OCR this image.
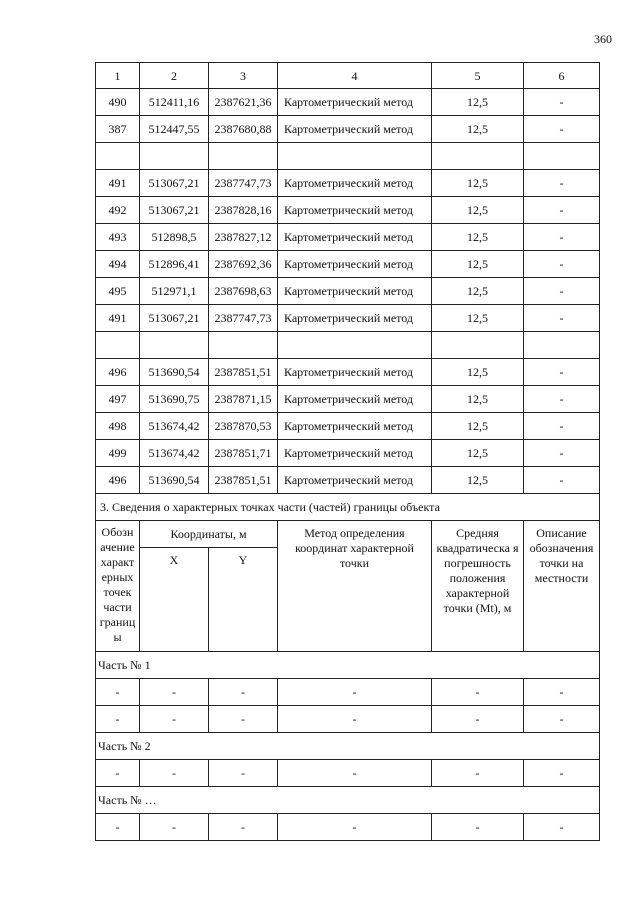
360
1	2	3	4	5	6
490	512411,16	2387621,36	Картометрический метод	12,5	-
387	512447,55	2387680,88	Картометрический метод	12,5	-

491	513067,21	2387747,73	Картометрический метод	12,5	-
492	513067,21	2387828,16	Картометрический метод	12,5	-
493	512898,5	2387827,12	Картометрический метод	12,5	-
494	512896,41	2387692,36	Картометрический метод	12,5	-
495	512971,1	2387698,63	Картометрический метод	12,5	-
491	513067,21	2387747,73	Картометрический метод	12,5	-

496	513690,54	2387851,51	Картометрический метод	12,5	-
497	513690,75	2387871,15	Картометрический метод	12,5	-
498	513674,42	2387870,53	Картометрический метод	12,5	-
499	513674,42	2387851,71	Картометрический метод	12,5	-
496	513690,54	2387851,51	Картометрический метод	12,5	-
3. Сведения о характерных точках части (частей) границы объекта					
Обозн ачение характ ерных точек части границ ы	Координаты, м		Метод определения координат характерной точки	Средняя квадратическа я погрешность положения характерной точки (Mt), м	Описание обозначения точки на местности
	X	Y			
Часть № 1					
-	-	-	-	-	-
-	-	-	-	-	-
Часть № 2					
-	-	-	-	-	-
Часть № …					
-	-	-	-	-	-
